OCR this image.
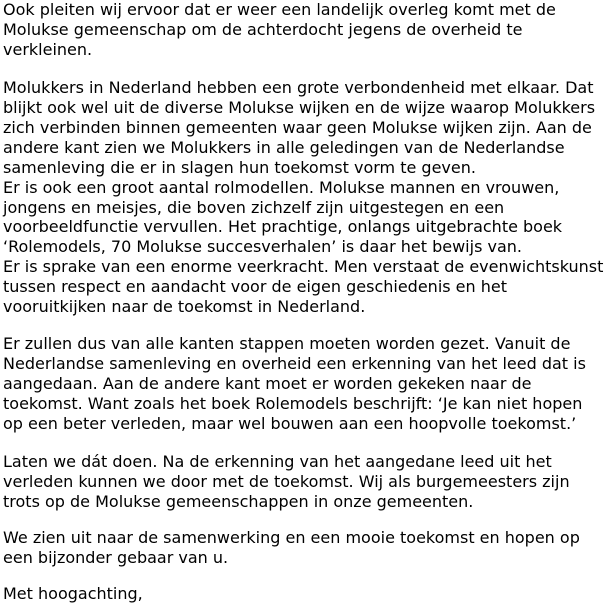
Ook pleiten wij ervoor dat er weer een landelijk overleg komt met de
Molukse gemeenschap om de achterdocht jegens de overheid te
verkleinen.

Molukkers in Nederland hebben een grote verbondenheid met elkaar. Dat
blijkt ook wel uit de diverse Molukse wijken en de wijze waarop Molukkers
zich verbinden binnen gemeenten waar geen Molukse wijken zijn. Aan de
andere kant zien we Molukkers in alle geledingen van de Nederlandse
samenleving die er in slagen hun toekomst vorm te geven.
Er is ook een groot aantal rolmodellen. Molukse mannen en vrouwen,
jongens en meisjes, die boven zichzelf zijn uitgestegen en een
voorbeeldfunctie vervullen. Het prachtige, onlangs uitgebrachte boek
‘Rolemodels, 70 Molukse succesverhalen’ is daar het bewijs van.
Er is sprake van een enorme veerkracht. Men verstaat de evenwichtskunst
tussen respect en aandacht voor de eigen geschiedenis en het
vooruitkijken naar de toekomst in Nederland.

Er zullen dus van alle kanten stappen moeten worden gezet. Vanuit de
Nederlandse samenleving en overheid een erkenning van het leed dat is
aangedaan. Aan de andere kant moet er worden gekeken naar de
toekomst. Want zoals het boek Rolemodels beschrijft: ‘Je kan niet hopen
op een beter verleden, maar wel bouwen aan een hoopvolle toekomst.’

Laten we dát doen. Na de erkenning van het aangedane leed uit het
verleden kunnen we door met de toekomst. Wij als burgemeesters zijn
trots op de Molukse gemeenschappen in onze gemeenten.

We zien uit naar de samenwerking en een mooie toekomst en hopen op
een bijzonder gebaar van u.

Met hoogachting,
